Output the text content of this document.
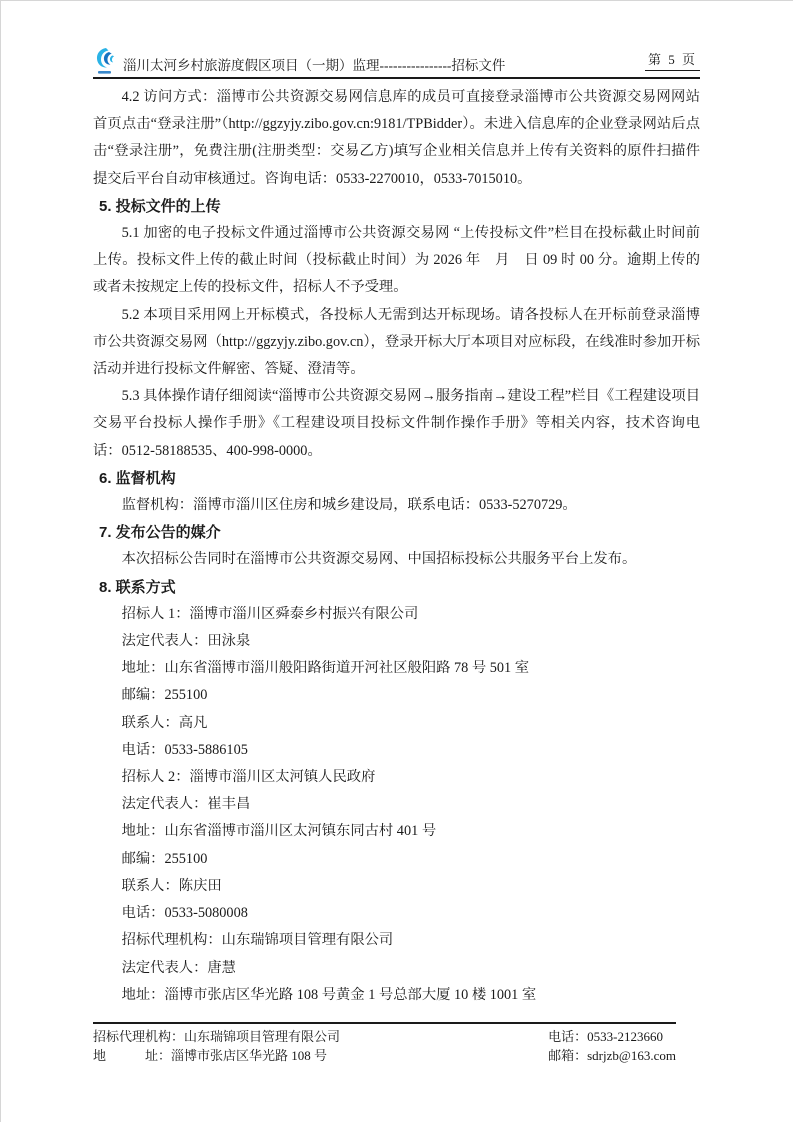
淄川太河乡村旅游度假区项目（一期）监理----------------招标文件	第 5 页

4.2 访问方式：淄博市公共资源交易网信息库的成员可直接登录淄博市公共资源交易网网站首页点击“登录注册”（http://ggzyjy.zibo.gov.cn:9181/TPBidder）。未进入信息库的企业登录网站后点击“登录注册”，免费注册(注册类型：交易乙方)填写企业相关信息并上传有关资料的原件扫描件提交后平台自动审核通过。咨询电话：0533-2270010，0533-7015010。

5. 投标文件的上传

5.1 加密的电子投标文件通过淄博市公共资源交易网 “上传投标文件”栏目在投标截止时间前上传。投标文件上传的截止时间（投标截止时间）为 2026 年　月　日 09 时 00 分。逾期上传的或者未按规定上传的投标文件，招标人不予受理。

5.2 本项目采用网上开标模式，各投标人无需到达开标现场。请各投标人在开标前登录淄博市公共资源交易网（http://ggzyjy.zibo.gov.cn），登录开标大厅本项目对应标段，在线准时参加开标活动并进行投标文件解密、答疑、澄清等。

5.3 具体操作请仔细阅读“淄博市公共资源交易网→服务指南→建设工程”栏目《工程建设项目交易平台投标人操作手册》《工程建设项目投标文件制作操作手册》等相关内容，技术咨询电话：0512-58188535、400-998-0000。

6. 监督机构

监督机构：淄博市淄川区住房和城乡建设局，联系电话：0533-5270729。

7. 发布公告的媒介

本次招标公告同时在淄博市公共资源交易网、中国招标投标公共服务平台上发布。

8. 联系方式

招标人 1：淄博市淄川区舜泰乡村振兴有限公司

法定代表人：田泳泉

地址：山东省淄博市淄川般阳路街道开河社区般阳路 78 号 501 室

邮编：255100

联系人：高凡

电话：0533-5886105

招标人 2：淄博市淄川区太河镇人民政府

法定代表人：崔丰昌

地址：山东省淄博市淄川区太河镇东同古村 401 号

邮编：255100

联系人：陈庆田

电话：0533-5080008

招标代理机构：山东瑞锦项目管理有限公司

法定代表人：唐慧

地址：淄博市张店区华光路 108 号黄金 1 号总部大厦 10 楼 1001 室

招标代理机构：山东瑞锦项目管理有限公司

地　　　址：淄博市张店区华光路 108 号

电话：0533-2123660

邮箱：sdrjzb@163.com
